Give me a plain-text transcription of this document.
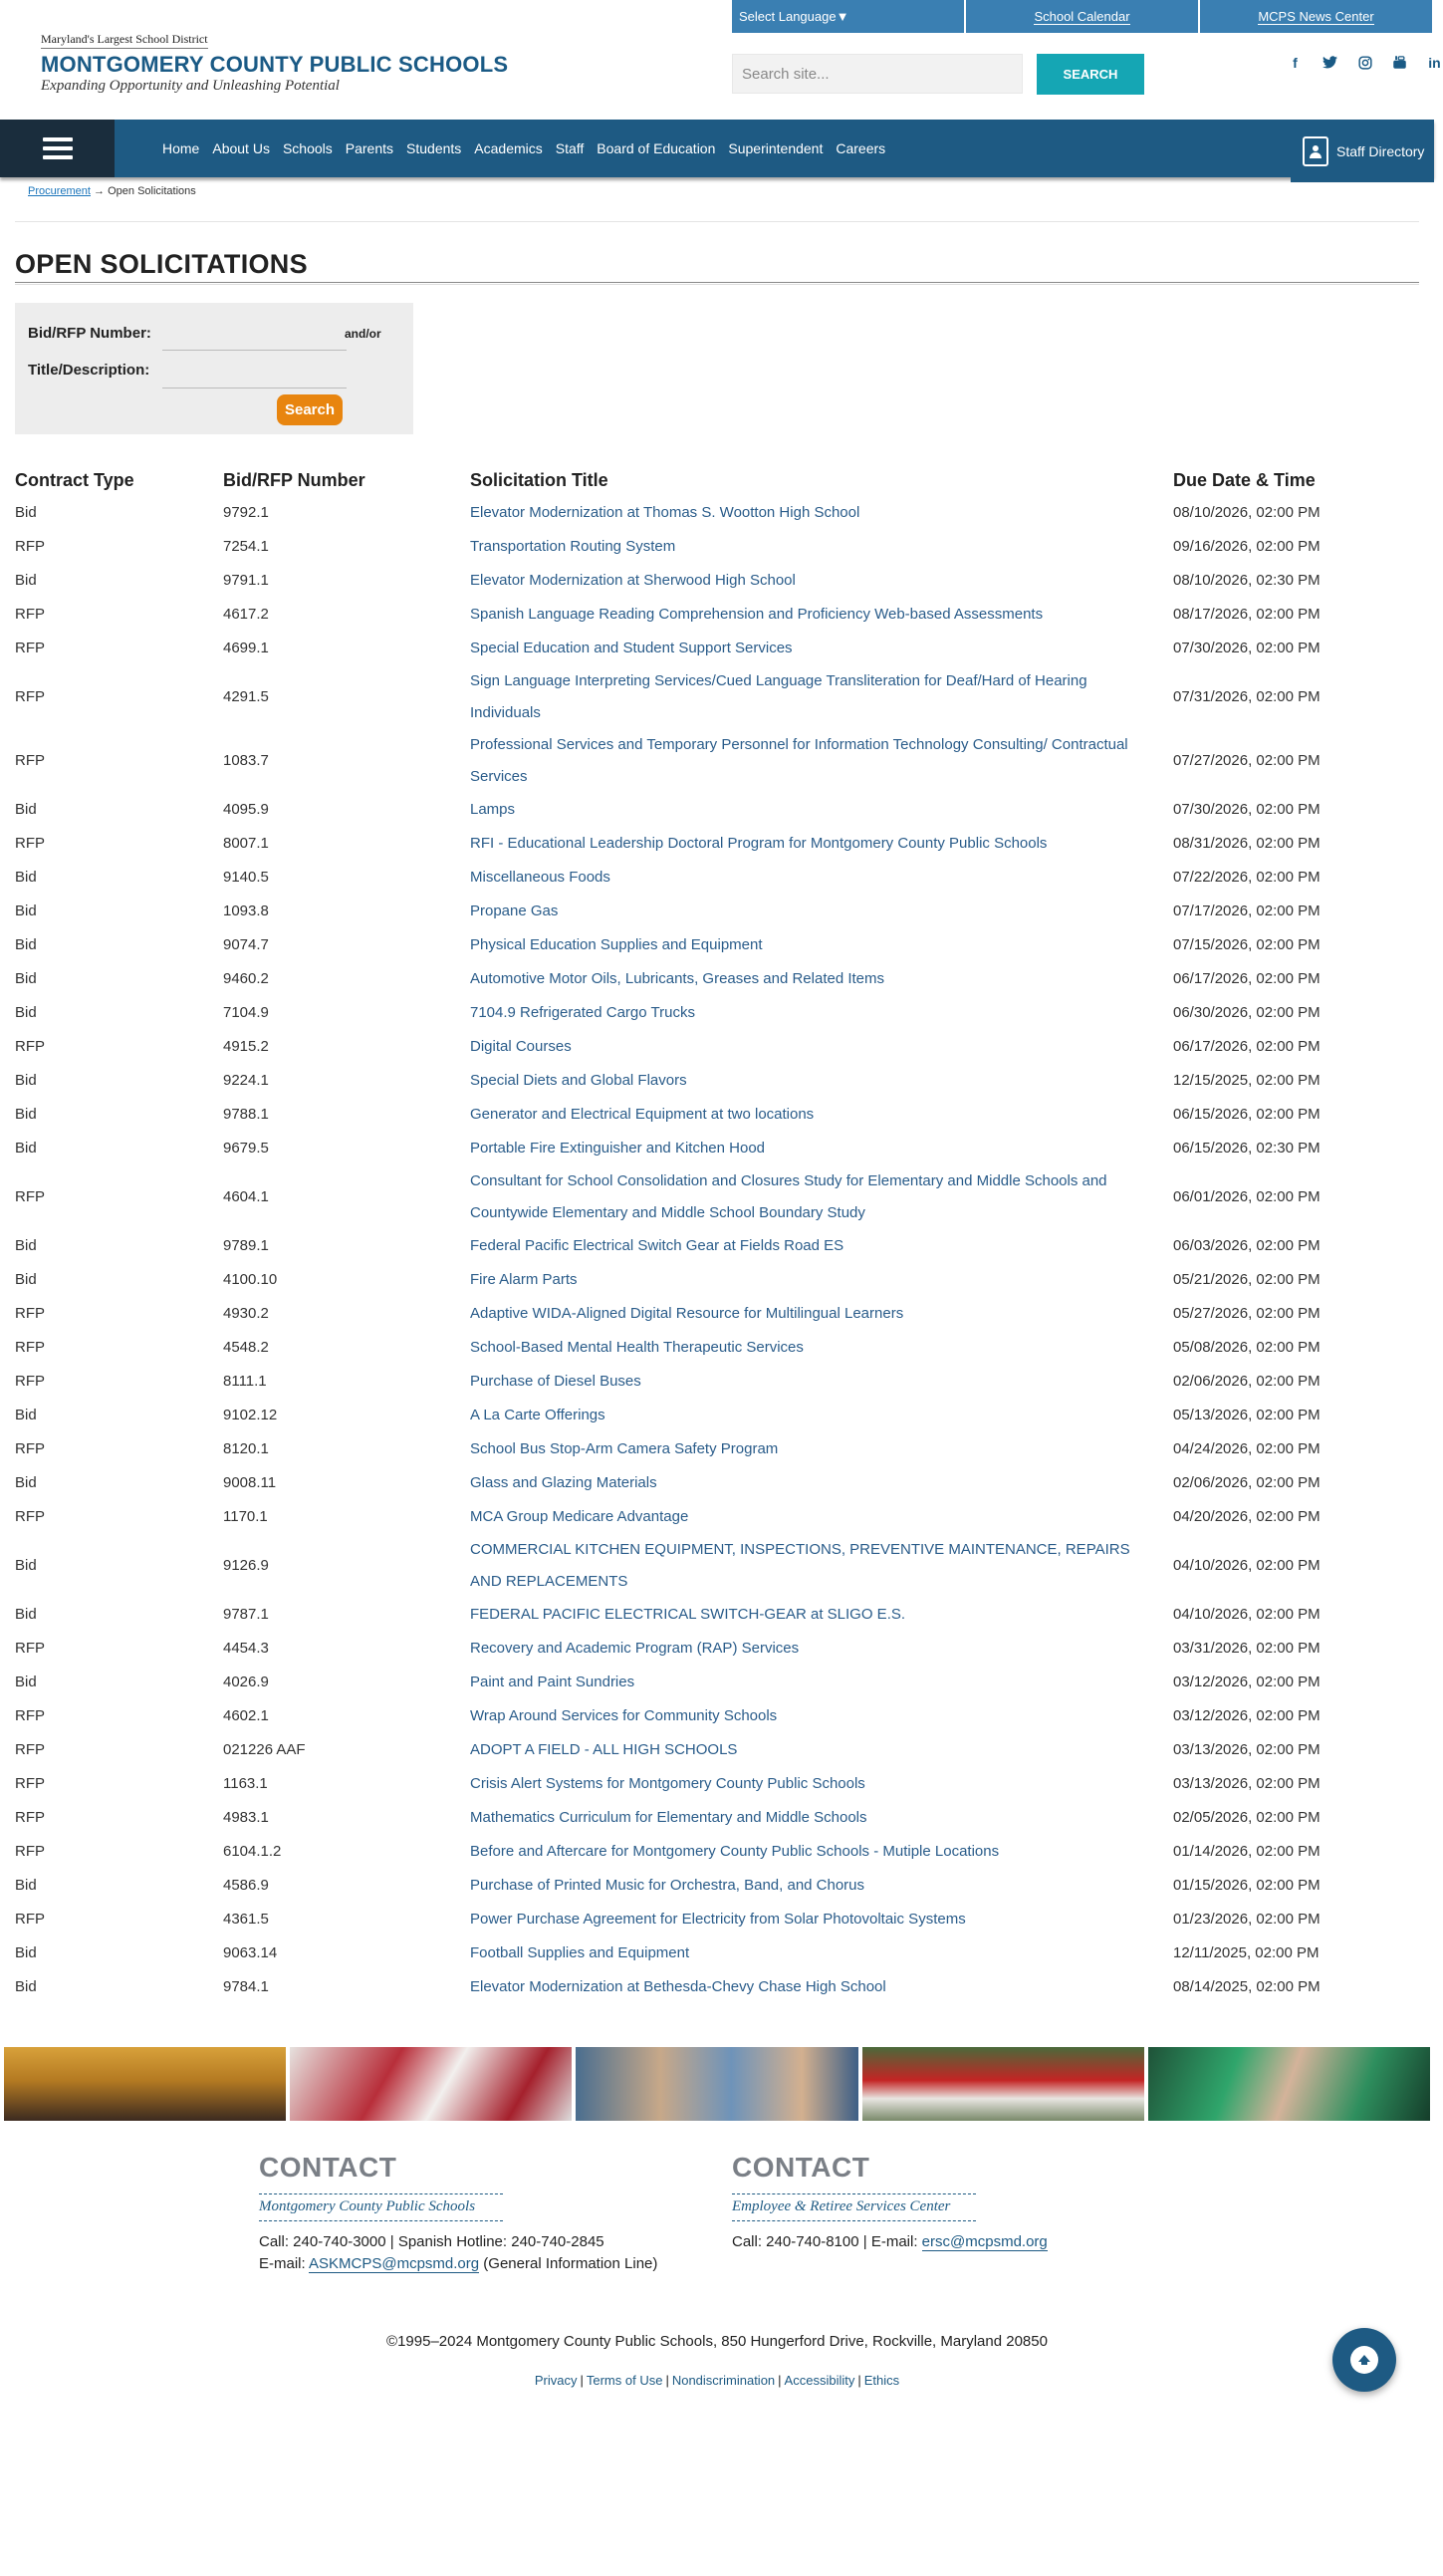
Maryland's Largest School District
MONTGOMERY COUNTY PUBLIC SCHOOLS
Expanding Opportunity and Unleashing Potential
Select Language▼	School Calendar	MCPS News Center
Search site...
SEARCH
f	in
Home About Us Schools Parents Students Academics Staff Board of Education Superintendent Careers	Staff Directory
Procurement → Open Solicitations
OPEN SOLICITATIONS
Bid/RFP Number:	and/or
Title/Description:
Search
Contract Type	Bid/RFP Number	Solicitation Title	Due Date & Time
Bid	9792.1	Elevator Modernization at Thomas S. Wootton High School	08/10/2026, 02:00 PM
RFP	7254.1	Transportation Routing System	09/16/2026, 02:00 PM
Bid	9791.1	Elevator Modernization at Sherwood High School	08/10/2026, 02:30 PM
RFP	4617.2	Spanish Language Reading Comprehension and Proficiency Web-based Assessments	08/17/2026, 02:00 PM
RFP	4699.1	Special Education and Student Support Services	07/30/2026, 02:00 PM
RFP	4291.5	Sign Language Interpreting Services/Cued Language Transliteration for Deaf/Hard of Hearing Individuals	07/31/2026, 02:00 PM
RFP	1083.7	Professional Services and Temporary Personnel for Information Technology Consulting/ Contractual Services	07/27/2026, 02:00 PM
Bid	4095.9	Lamps	07/30/2026, 02:00 PM
RFP	8007.1	RFI - Educational Leadership Doctoral Program for Montgomery County Public Schools	08/31/2026, 02:00 PM
Bid	9140.5	Miscellaneous Foods	07/22/2026, 02:00 PM
Bid	1093.8	Propane Gas	07/17/2026, 02:00 PM
Bid	9074.7	Physical Education Supplies and Equipment	07/15/2026, 02:00 PM
Bid	9460.2	Automotive Motor Oils, Lubricants, Greases and Related Items	06/17/2026, 02:00 PM
Bid	7104.9	7104.9 Refrigerated Cargo Trucks	06/30/2026, 02:00 PM
RFP	4915.2	Digital Courses	06/17/2026, 02:00 PM
Bid	9224.1	Special Diets and Global Flavors	12/15/2025, 02:00 PM
Bid	9788.1	Generator and Electrical Equipment at two locations	06/15/2026, 02:00 PM
Bid	9679.5	Portable Fire Extinguisher and Kitchen Hood	06/15/2026, 02:30 PM
RFP	4604.1	Consultant for School Consolidation and Closures Study for Elementary and Middle Schools and Countywide Elementary and Middle School Boundary Study	06/01/2026, 02:00 PM
Bid	9789.1	Federal Pacific Electrical Switch Gear at Fields Road ES	06/03/2026, 02:00 PM
Bid	4100.10	Fire Alarm Parts	05/21/2026, 02:00 PM
RFP	4930.2	Adaptive WIDA-Aligned Digital Resource for Multilingual Learners	05/27/2026, 02:00 PM
RFP	4548.2	School-Based Mental Health Therapeutic Services	05/08/2026, 02:00 PM
RFP	8111.1	Purchase of Diesel Buses	02/06/2026, 02:00 PM
Bid	9102.12	A La Carte Offerings	05/13/2026, 02:00 PM
RFP	8120.1	School Bus Stop-Arm Camera Safety Program	04/24/2026, 02:00 PM
Bid	9008.11	Glass and Glazing Materials	02/06/2026, 02:00 PM
RFP	1170.1	MCA Group Medicare Advantage	04/20/2026, 02:00 PM
Bid	9126.9	COMMERCIAL KITCHEN EQUIPMENT, INSPECTIONS, PREVENTIVE MAINTENANCE, REPAIRS AND REPLACEMENTS	04/10/2026, 02:00 PM
Bid	9787.1	FEDERAL PACIFIC ELECTRICAL SWITCH-GEAR at SLIGO E.S.	04/10/2026, 02:00 PM
RFP	4454.3	Recovery and Academic Program (RAP) Services	03/31/2026, 02:00 PM
Bid	4026.9	Paint and Paint Sundries	03/12/2026, 02:00 PM
RFP	4602.1	Wrap Around Services for Community Schools	03/12/2026, 02:00 PM
RFP	021226 AAF	ADOPT A FIELD - ALL HIGH SCHOOLS	03/13/2026, 02:00 PM
RFP	1163.1	Crisis Alert Systems for Montgomery County Public Schools	03/13/2026, 02:00 PM
RFP	4983.1	Mathematics Curriculum for Elementary and Middle Schools	02/05/2026, 02:00 PM
RFP	6104.1.2	Before and Aftercare for Montgomery County Public Schools - Mutiple Locations	01/14/2026, 02:00 PM
Bid	4586.9	Purchase of Printed Music for Orchestra, Band, and Chorus	01/15/2026, 02:00 PM
RFP	4361.5	Power Purchase Agreement for Electricity from Solar Photovoltaic Systems	01/23/2026, 02:00 PM
Bid	9063.14	Football Supplies and Equipment	12/11/2025, 02:00 PM
Bid	9784.1	Elevator Modernization at Bethesda-Chevy Chase High School	08/14/2025, 02:00 PM
CONTACT
Montgomery County Public Schools

Call: 240-740-3000 | Spanish Hotline: 240-740-2845

E-mail: ASKMCPS@mcpsmd.org (General Information Line)

CONTACT
Employee & Retiree Services Center

Call: 240-740-8100 | E-mail: ersc@mcpsmd.org

©1995–2024 Montgomery County Public Schools, 850 Hungerford Drive, Rockville, Maryland 20850
Privacy | Terms of Use | Nondiscrimination | Accessibility | Ethics
